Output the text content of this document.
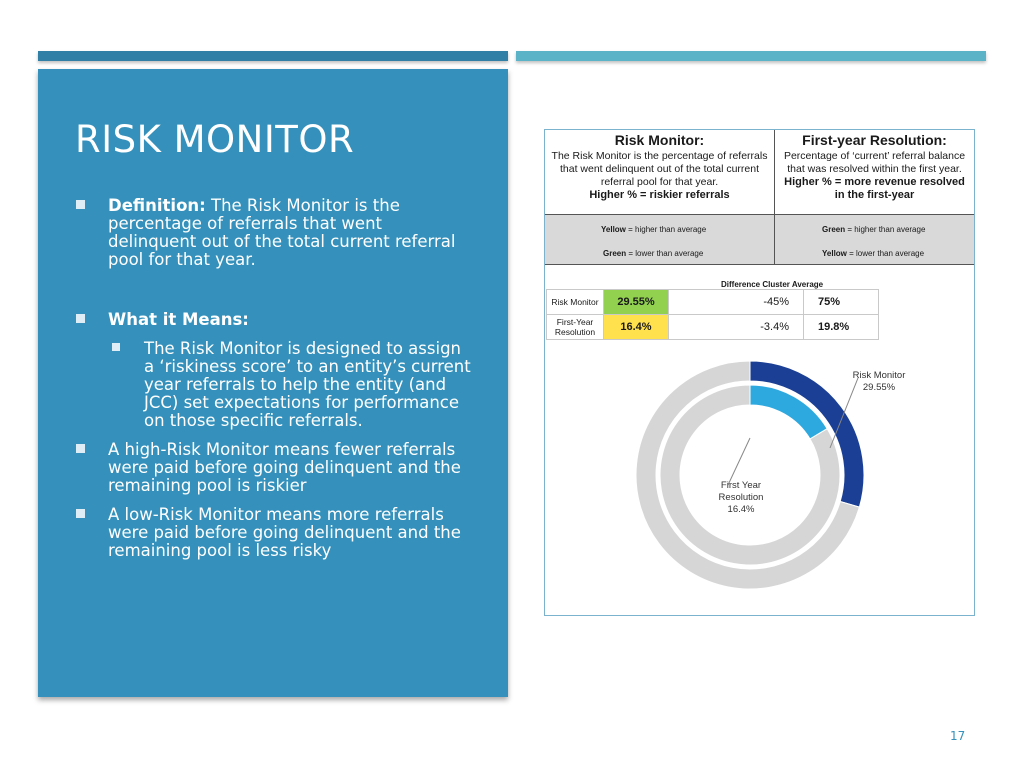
RISK MONITOR
Definition: The Risk Monitor is the percentage of referrals that went delinquent out of the total current referral pool for that year.
What it Means:
The Risk Monitor is designed to assign a ‘riskiness score’ to an entity’s current year referrals to help the entity (and JCC) set expectations for performance on those specific referrals.
A high-Risk Monitor means fewer referrals were paid before going delinquent and the remaining pool is riskier
A low-Risk Monitor means more referrals were paid before going delinquent and the remaining pool is less risky
Risk Monitor:

The Risk Monitor is the percentage of referrals

that went delinquent out of the total current

referral pool for that year.

Higher % = riskier referrals

First-year Resolution:

Percentage of ‘current’ referral balance

that was resolved within the first year.

Higher % = more revenue resolved

in the first-year

Yellow = higher than average
Green = lower than average
Green = higher than average
Yellow = lower than average
Difference Cluster Average
Risk Monitor	29.55%	-45%	75%
First-Year Resolution	16.4%	-3.4%	19.8%
Risk Monitor
29.55%
First Year
Resolution
16.4%
17
